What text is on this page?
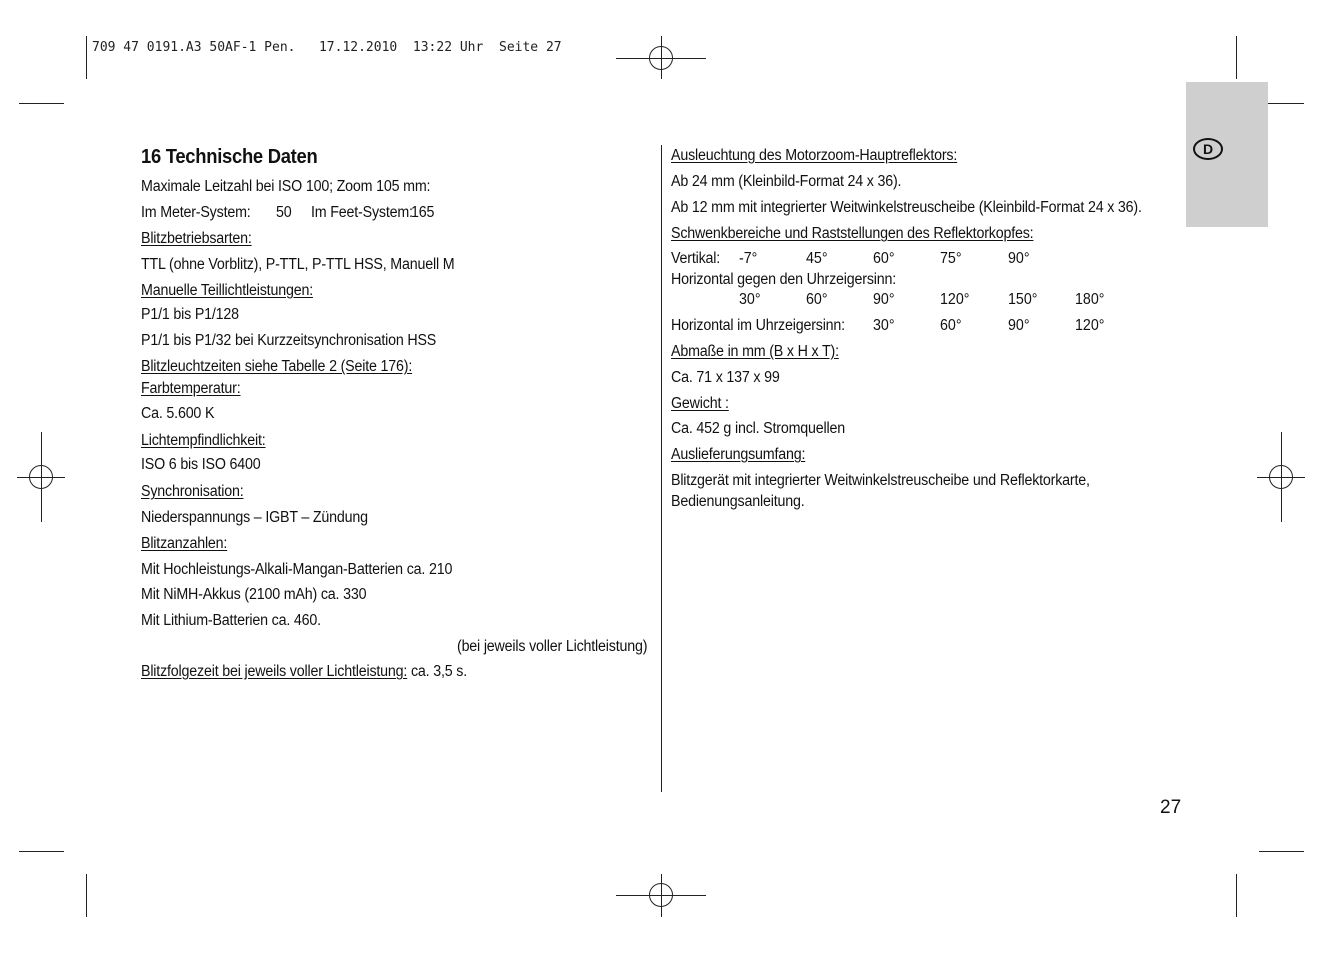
709 47 0191.A3 50AF-1 Pen.   17.12.2010  13:22 Uhr  Seite 27
D
16 Technische Daten
Maximale Leitzahl bei ISO 100; Zoom 105 mm:
Im Meter-System: 50 Im Feet-System:
165
Blitzbetriebsarten:
TTL (ohne Vorblitz), P-TTL, P-TTL HSS, Manuell M
Manuelle Teillichtleistungen:
P1/1 bis P1/128
P1/1 bis P1/32 bei Kurzzeitsynchronisation HSS
Blitzleuchtzeiten siehe Tabelle 2 (Seite 176):
Farbtemperatur:
Ca. 5.600 K
Lichtempfindlichkeit:
ISO 6 bis ISO 6400
Synchronisation:
Niederspannungs – IGBT – Zündung
Blitzanzahlen:
Mit Hochleistungs-Alkali-Mangan-Batterien ca. 210
Mit NiMH-Akkus (2100 mAh) ca. 330
Mit Lithium-Batterien ca. 460.
(bei jeweils voller Lichtleistung)
Blitzfolgezeit bei jeweils voller Lichtleistung: ca. 3,5 s.
Ausleuchtung des Motorzoom-Hauptreflektors:
Ab 24 mm (Kleinbild-Format 24 x 36).
Ab 12 mm mit integrierter Weitwinkelstreuscheibe (Kleinbild-Format 24 x 36).
Schwenkbereiche und Raststellungen des Reflektorkopfes:
Vertikal: -7°	45°	60°	75°	90°
Horizontal gegen den Uhrzeigersinn:
30°	60°	90°	120° 150° 180°
Horizontal im Uhrzeigersinn: 30°	60°	90°	120°
Abmaße in mm (B x H x T):
Ca. 71 x 137 x 99
Gewicht :
Ca. 452 g incl. Stromquellen
Auslieferungsumfang:
Blitzgerät mit integrierter Weitwinkelstreuscheibe und Reflektorkarte,
Bedienungsanleitung.
27
